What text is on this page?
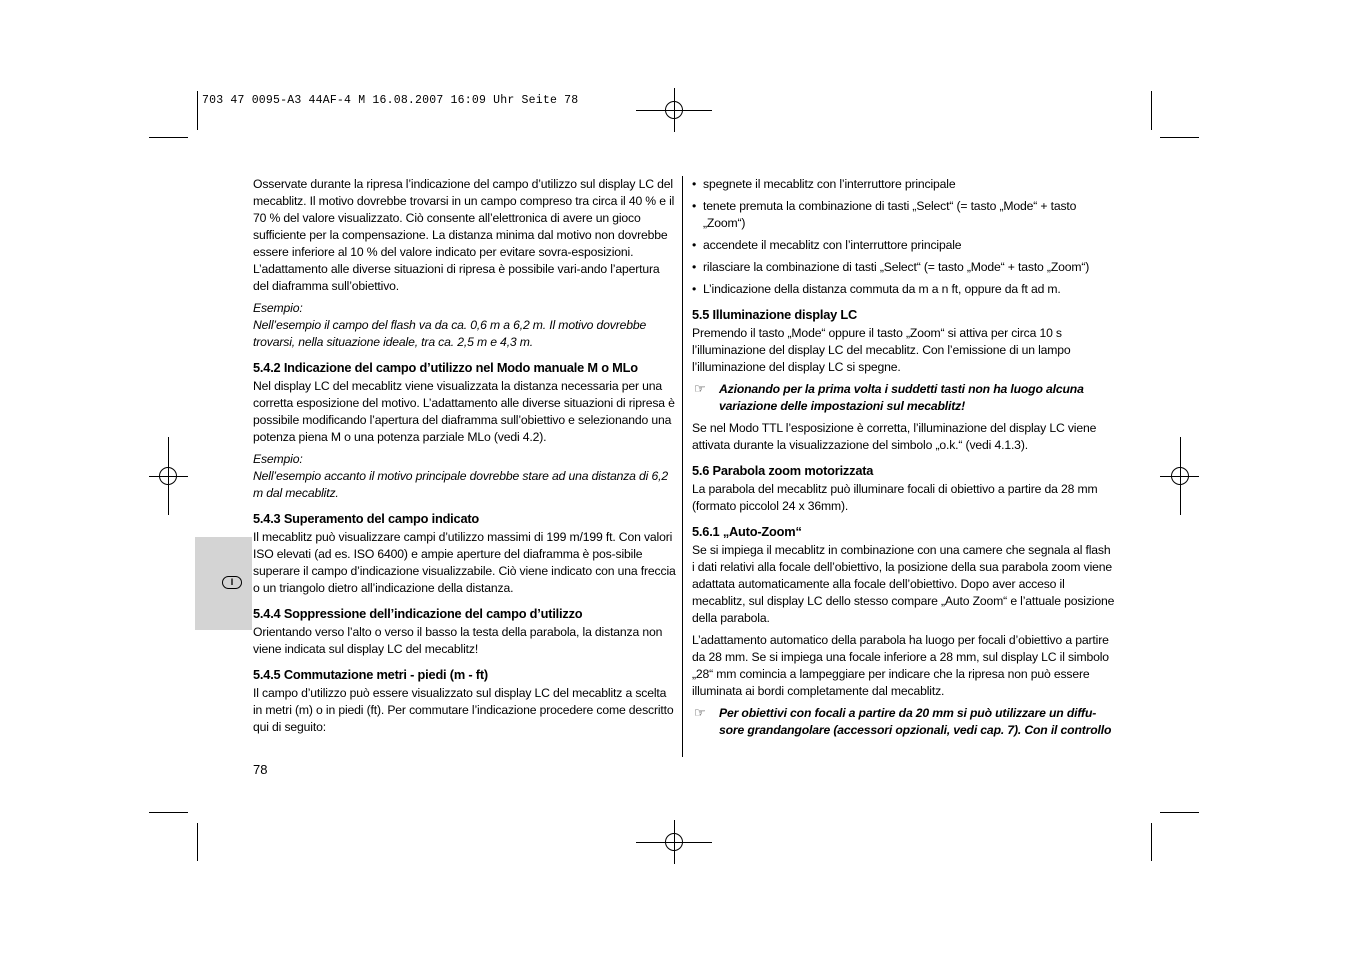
703 47 0095-A3 44AF-4 M 16.08.2007 16:09 Uhr Seite 78
I

Osservate durante la ripresa l’indicazione del campo d’utilizzo sul display LC del mecablitz. Il motivo dovrebbe trovarsi in un campo compreso tra circa il 40 % e il 70 % del valore visualizzato. Ciò consente all’elettronica di avere un gioco sufficiente per la compensazione. La distanza minima dal motivo non dovrebbe essere inferiore al 10 % del valore indicato per evitare sovra-esposizioni. L’adattamento alle diverse situazioni di ripresa è possibile vari-ando l’apertura del diaframma sull’obiettivo.

Esempio:

Nell’esempio il campo del flash va da ca. 0,6 m a 6,2 m. Il motivo dovrebbe trovarsi, nella situazione ideale, tra ca. 2,5 m e 4,3 m.

5.4.2 Indicazione del campo d’utilizzo nel Modo manuale M o MLo

Nel display LC del mecablitz viene visualizzata la distanza necessaria per una corretta esposizione del motivo. L’adattamento alle diverse situazioni di ripresa è possibile modificando l’apertura del diaframma sull’obiettivo e selezionando una potenza piena M o una potenza parziale MLo (vedi 4.2).

Esempio:

Nell’esempio accanto il motivo principale dovrebbe stare ad una distanza di 6,2 m dal mecablitz.

5.4.3 Superamento del campo indicato

Il mecablitz può visualizzare campi d’utilizzo massimi di 199 m/199 ft. Con valori ISO elevati (ad es. ISO 6400) e ampie aperture del diaframma è pos-sibile superare il campo d’indicazione visualizzabile. Ciò viene indicato con una freccia o un triangolo dietro all’indicazione della distanza.

5.4.4 Soppressione dell’indicazione del campo d’utilizzo

Orientando verso l’alto o verso il basso la testa della parabola, la distanza non viene indicata sul display LC del mecablitz!

5.4.5 Commutazione metri - piedi (m - ft)

Il campo d’utilizzo può essere visualizzato sul display LC del mecablitz a scelta in metri (m) o in piedi (ft). Per commutare l’indicazione procedere come descritto qui di seguito:

• spegnete il mecablitz con l’interruttore principale

• tenete premuta la combinazione di tasti „Select“ (= tasto „Mode“ + tasto „Zoom“)

• accendete il mecablitz con l’interruttore principale

• rilasciare la combinazione di tasti „Select“ (= tasto „Mode“ + tasto „Zoom“)

• L’indicazione della distanza commuta da m a n ft, oppure da ft ad m.

5.5 Illuminazione display LC

Premendo il tasto „Mode“ oppure il tasto „Zoom“ si attiva per circa 10 s l’illuminazione del display LC del mecablitz. Con l’emissione di un lampo l’illuminazione del display LC si spegne.

☞ Azionando per la prima volta i suddetti tasti non ha luogo alcuna variazione delle impostazioni sul mecablitz!

Se nel Modo TTL l’esposizione è corretta, l’illuminazione del display LC viene attivata durante la visualizzazione del simbolo „o.k.“ (vedi 4.1.3).

5.6 Parabola zoom motorizzata

La parabola del mecablitz può illuminare focali di obiettivo a partire da 28 mm (formato piccolol 24 x 36mm).

5.6.1 „Auto-Zoom“

Se si impiega il mecablitz in combinazione con una camere che segnala al flash i dati relativi alla focale dell’obiettivo, la posizione della sua parabola zoom viene adattata automaticamente alla focale dell’obiettivo. Dopo aver acceso il mecablitz, sul display LC dello stesso compare „Auto Zoom“ e l’attuale posizione della parabola.

L’adattamento automatico della parabola ha luogo per focali d’obiettivo a partire da 28 mm. Se si impiega una focale inferiore a 28 mm, sul display LC il simbolo „28“ mm comincia a lampeggiare per indicare che la ripresa non può essere illuminata ai bordi completamente dal mecablitz.

☞ Per obiettivi con focali a partire da 20 mm si può utilizzare un diffu-sore grandangolare (accessori opzionali, vedi cap. 7). Con il controllo
78
